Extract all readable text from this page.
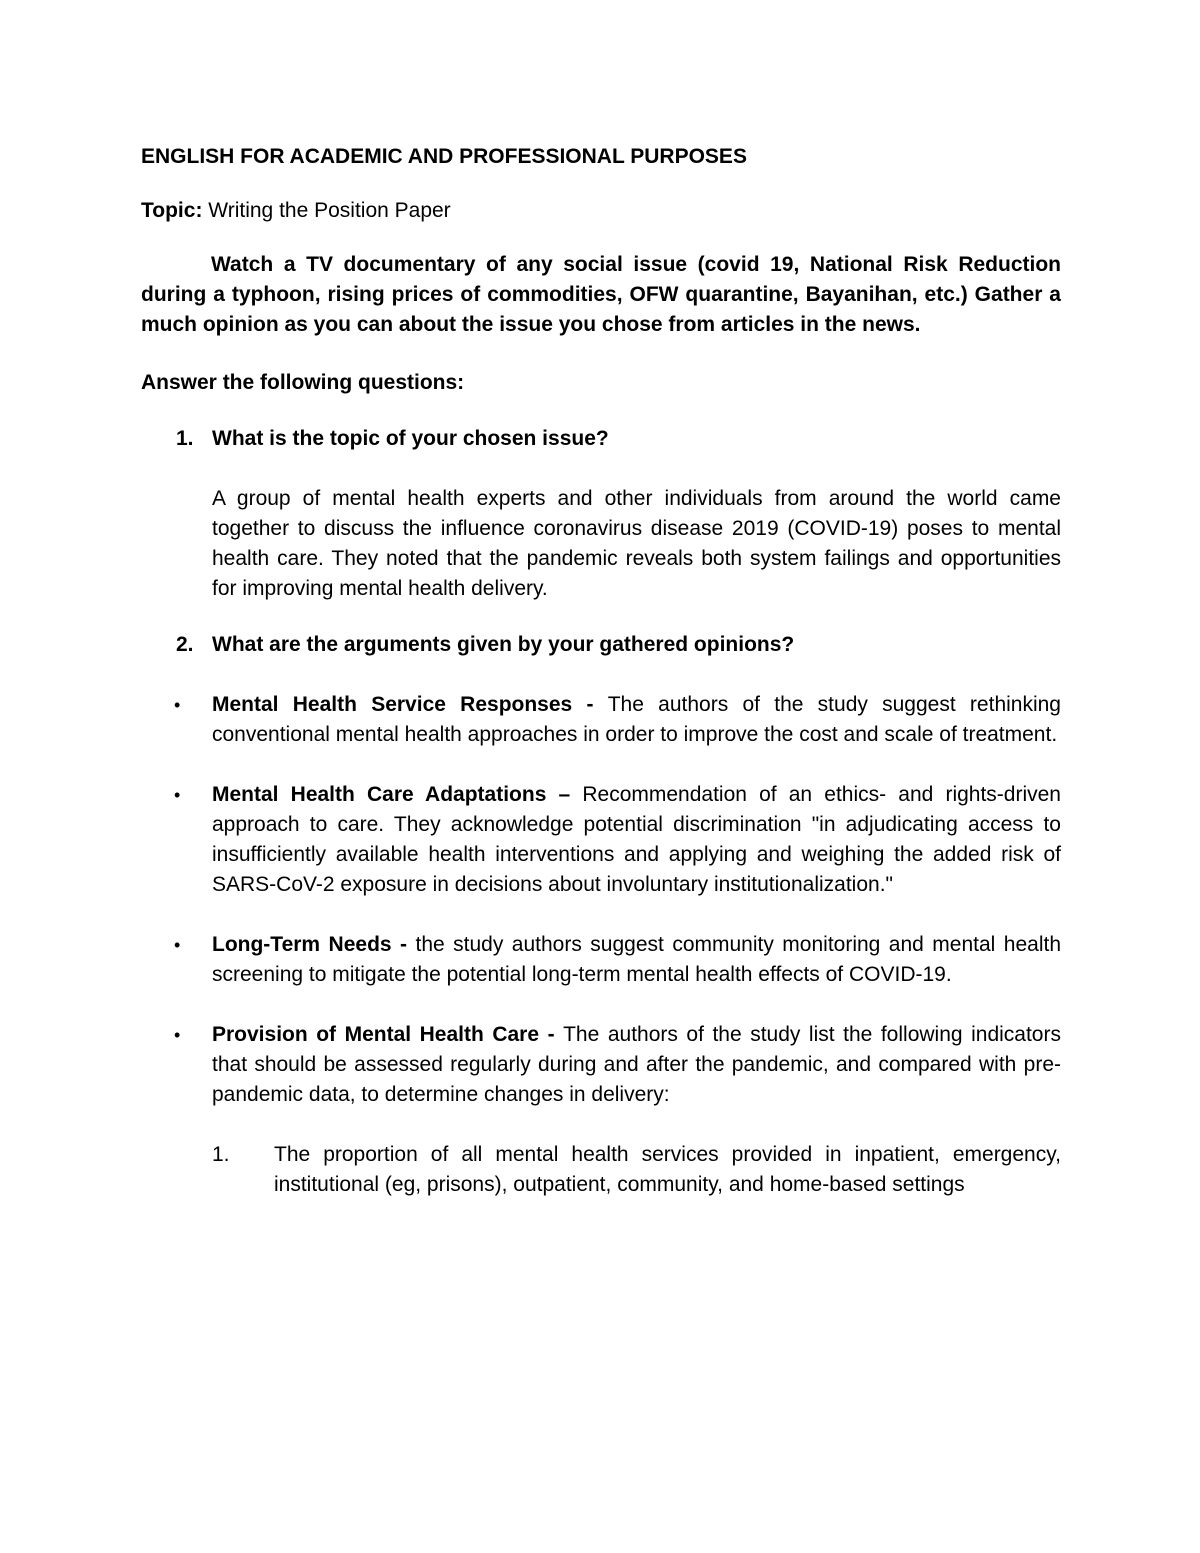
ENGLISH FOR ACADEMIC AND PROFESSIONAL PURPOSES
Topic: Writing the Position Paper
Watch a TV documentary of any social issue (covid 19, National Risk Reduction during a typhoon, rising prices of commodities, OFW quarantine, Bayanihan, etc.) Gather a much opinion as you can about the issue you chose from articles in the news.
Answer the following questions:
1. What is the topic of your chosen issue?
A group of mental health experts and other individuals from around the world came together to discuss the influence coronavirus disease 2019 (COVID-19) poses to mental health care. They noted that the pandemic reveals both system failings and opportunities for improving mental health delivery.
2. What are the arguments given by your gathered opinions?
•	Mental Health Service Responses - The authors of the study suggest rethinking conventional mental health approaches in order to improve the cost and scale of treatment.
•	Mental Health Care Adaptations – Recommendation of an ethics- and rights-driven approach to care. They acknowledge potential discrimination "in adjudicating access to insufficiently available health interventions and applying and weighing the added risk of SARS-CoV-2 exposure in decisions about involuntary institutionalization."
•	Long-Term Needs - the study authors suggest community monitoring and mental health screening to mitigate the potential long-term mental health effects of COVID-19.
•	Provision of Mental Health Care - The authors of the study list the following indicators that should be assessed regularly during and after the pandemic, and compared with pre-pandemic data, to determine changes in delivery:
1.	The proportion of all mental health services provided in inpatient, emergency, institutional (eg, prisons), outpatient, community, and home-based settings
